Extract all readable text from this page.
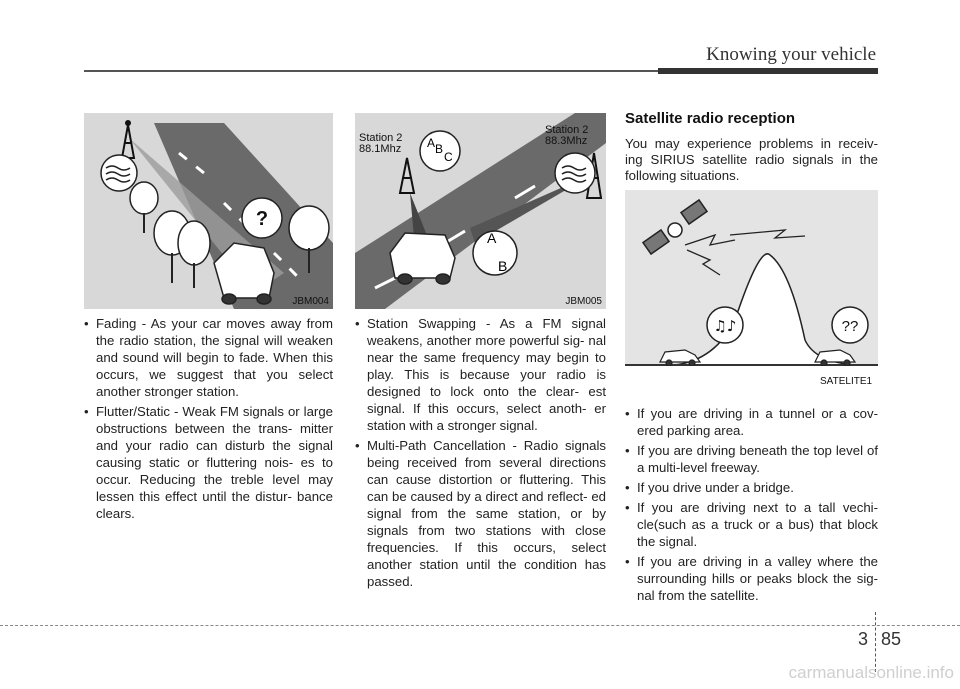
Knowing your vehicle
?
JBM004
Station 2
88.1Mhz
Station 2
88.3Mhz
A B
C
A
B
JBM005
• Fading - As your car moves away from the radio station, the signal will weaken and sound will begin to fade. When this occurs, we suggest that you select another stronger station.
• Flutter/Static - Weak FM signals or large obstructions between the trans- mitter and your radio can disturb the signal causing static or fluttering nois- es to occur. Reducing the treble level may lessen this effect until the distur- bance clears.
• Station Swapping - As a FM signal weakens, another more powerful sig- nal near the same frequency may begin to play. This is because your radio is designed to lock onto the clear- est signal. If this occurs, select anoth- er station with a stronger signal.
• Multi-Path Cancellation - Radio signals being received from several directions can cause distortion or fluttering. This can be caused by a direct and reflect- ed signal from the same station, or by signals from two stations with close frequencies. If this occurs, select another station until the condition has passed.
Satellite radio reception
You may experience problems in receiv- ing SIRIUS satellite radio signals in the following situations.
♫♪	??
SATELITE1
• If you are driving in a tunnel or a cov- ered parking area.
• If you are driving beneath the top level of a multi-level freeway.
• If you drive under a bridge.
• If you are driving next to a tall vechi- cle(such as a truck or a bus) that block the signal.
• If you are driving in a valley where the surrounding hills or peaks block the sig- nal from the satellite.
3 85
carmanualsonline.info
